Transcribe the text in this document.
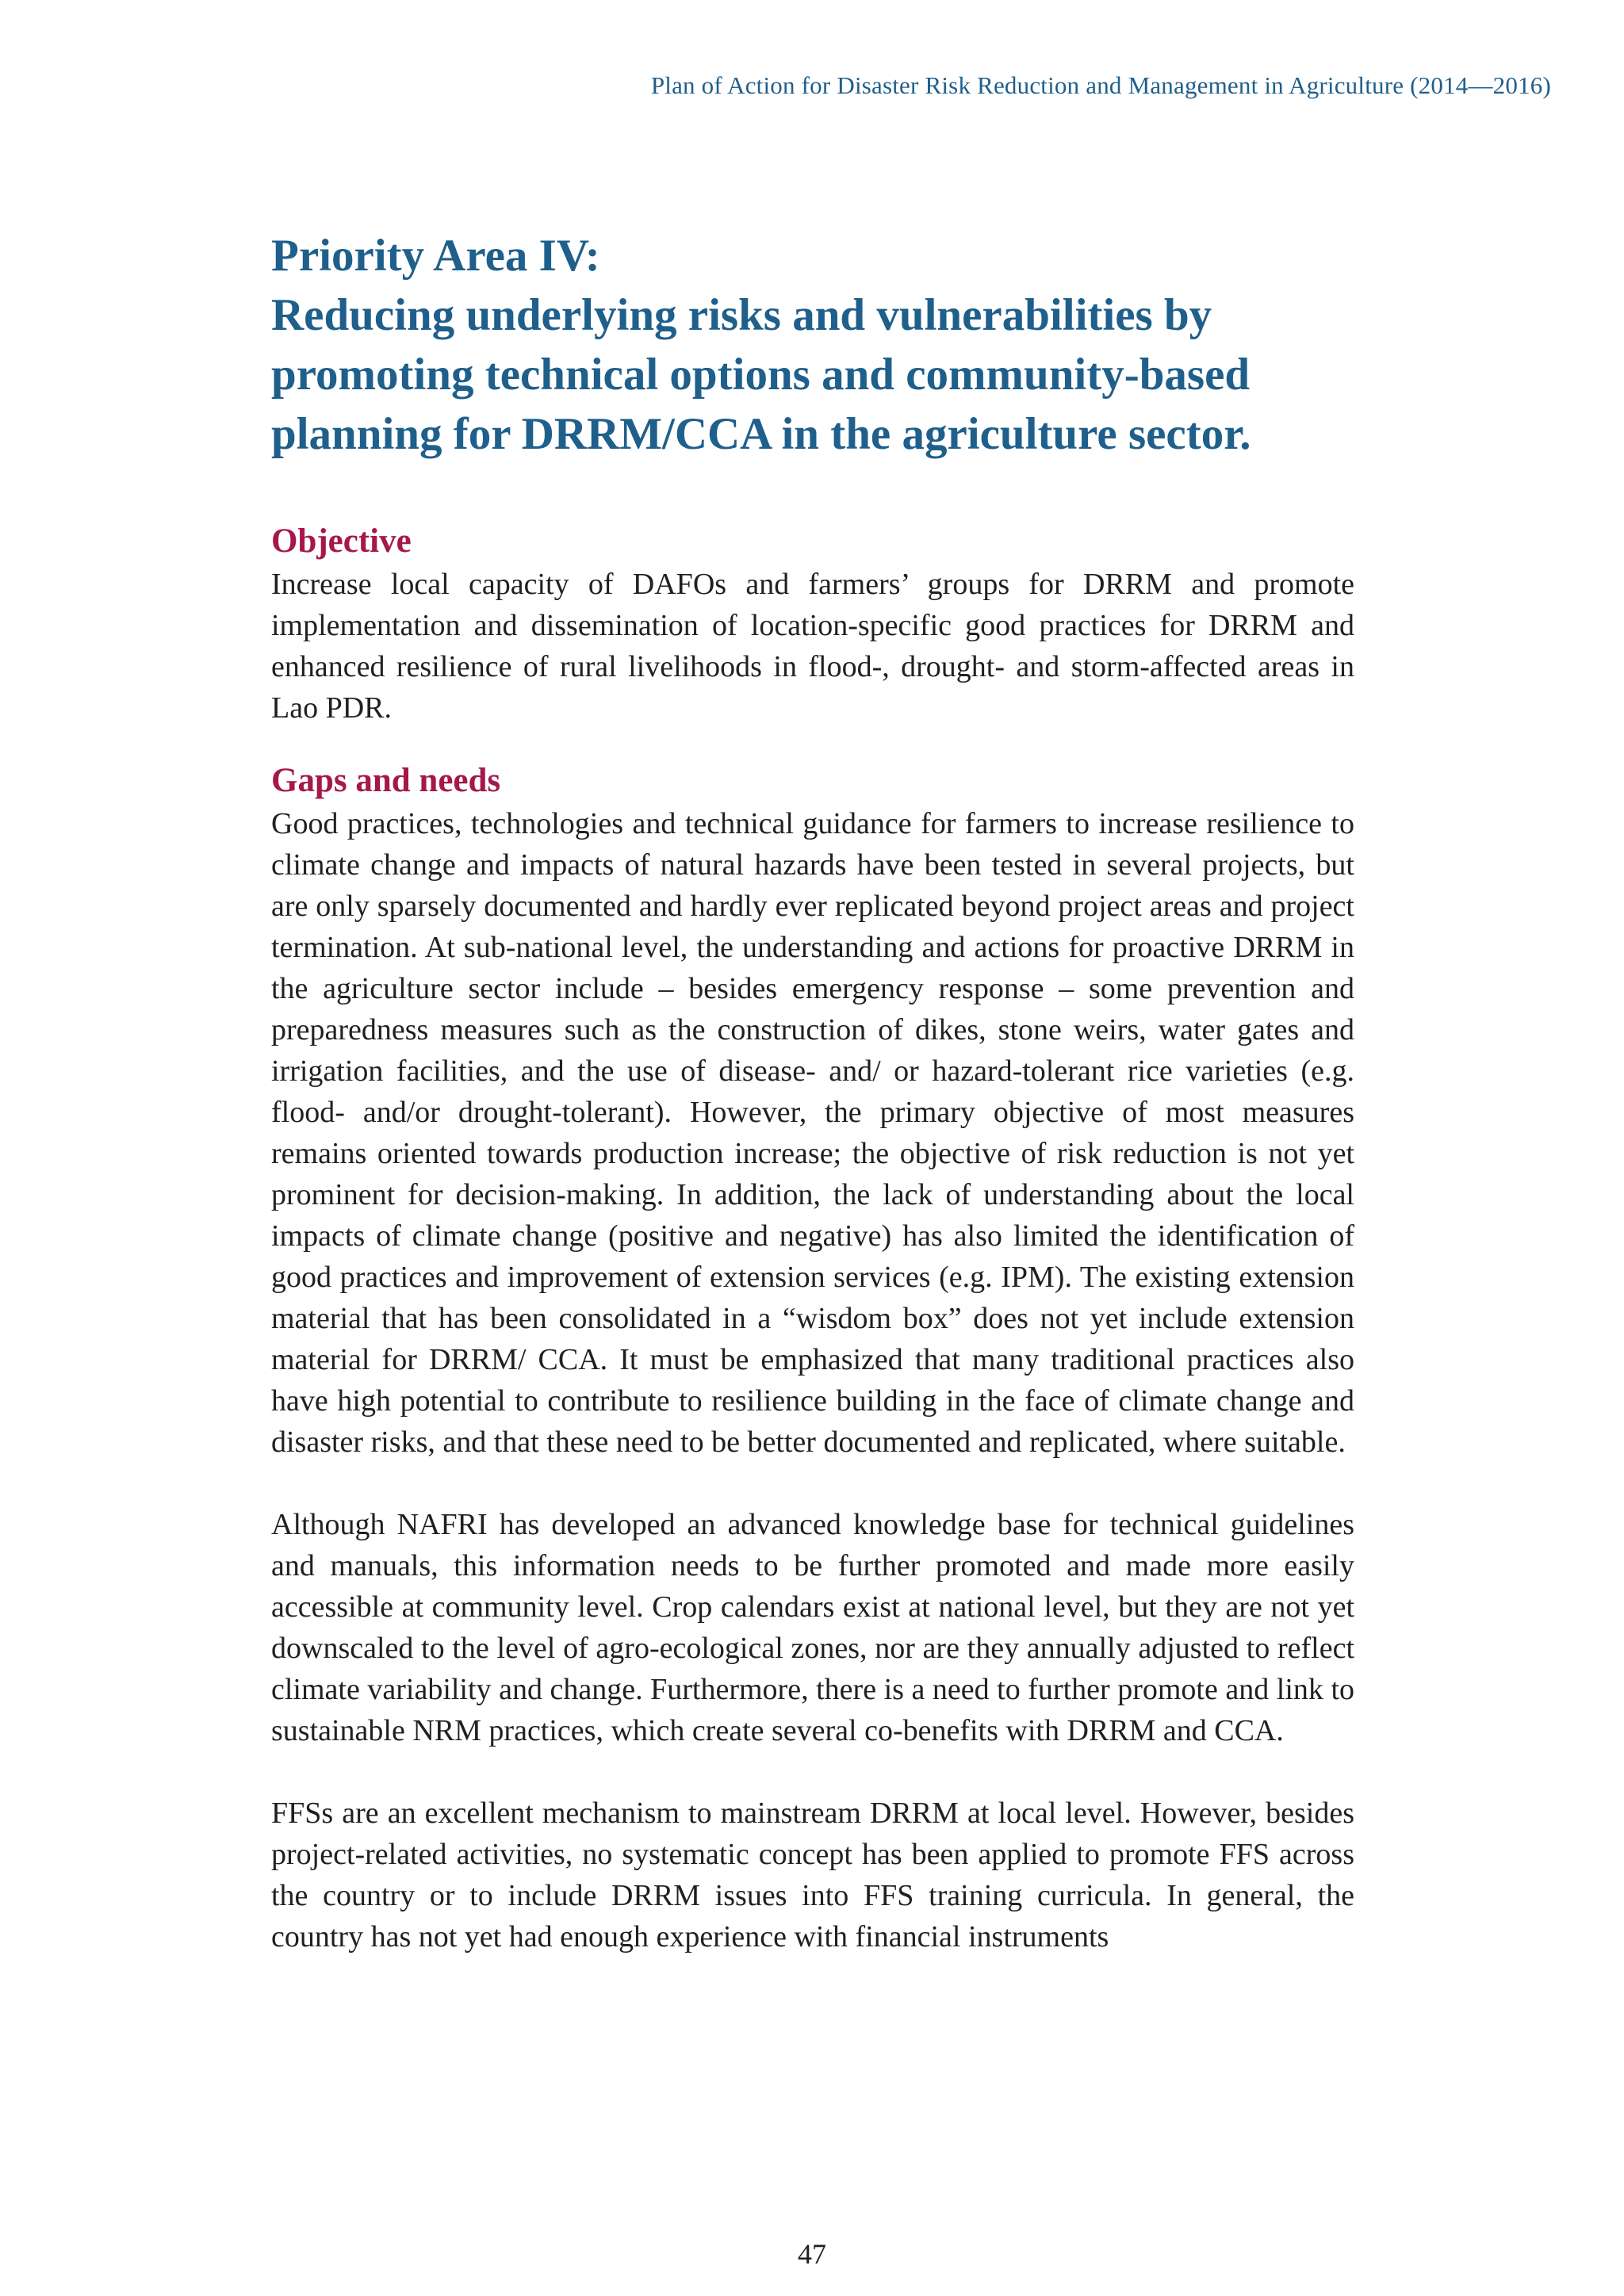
Plan of Action for Disaster Risk Reduction and Management in Agriculture (2014—2016)
Priority Area IV:
Reducing underlying risks and vulnerabilities by
promoting technical options and community-based
planning for DRRM/CCA in the agriculture sector.
Objective

Increase local capacity of DAFOs and farmers’ groups for DRRM and promote implementation and dissemination of location-specific good practices for DRRM and enhanced resilience of rural livelihoods in flood-, drought- and storm-affected areas in Lao PDR.

Gaps and needs

Good practices, technologies and technical guidance for farmers to increase resilience to climate change and impacts of natural hazards have been tested in several projects, but are only sparsely documented and hardly ever replicated beyond project areas and project termination. At sub-national level, the understanding and actions for proactive DRRM in the agriculture sector include – besides emergency response – some prevention and preparedness measures such as the construction of dikes, stone weirs, water gates and irrigation facilities, and the use of disease- and/ or hazard-tolerant rice varieties (e.g. flood- and/or drought-tolerant). However, the primary objective of most measures remains oriented towards production increase; the objective of risk reduction is not yet prominent for decision-making. In addition, the lack of understanding about the local impacts of climate change (positive and negative) has also limited the identification of good practices and improvement of extension services (e.g. IPM). The existing extension material that has been consolidated in a “wisdom box” does not yet include extension material for DRRM/ CCA. It must be emphasized that many traditional practices also have high potential to contribute to resilience building in the face of climate change and disaster risks, and that these need to be better documented and replicated, where suitable.

Although NAFRI has developed an advanced knowledge base for technical guidelines and manuals, this information needs to be further promoted and made more easily accessible at community level. Crop calendars exist at national level, but they are not yet downscaled to the level of agro-ecological zones, nor are they annually adjusted to reflect climate variability and change. Furthermore, there is a need to further promote and link to sustainable NRM practices, which create several co-benefits with DRRM and CCA.

FFSs are an excellent mechanism to mainstream DRRM at local level. However, besides project-related activities, no systematic concept has been applied to promote FFS across the country or to include DRRM issues into FFS training curricula. In general, the country has not yet had enough experience with financial instruments

47
